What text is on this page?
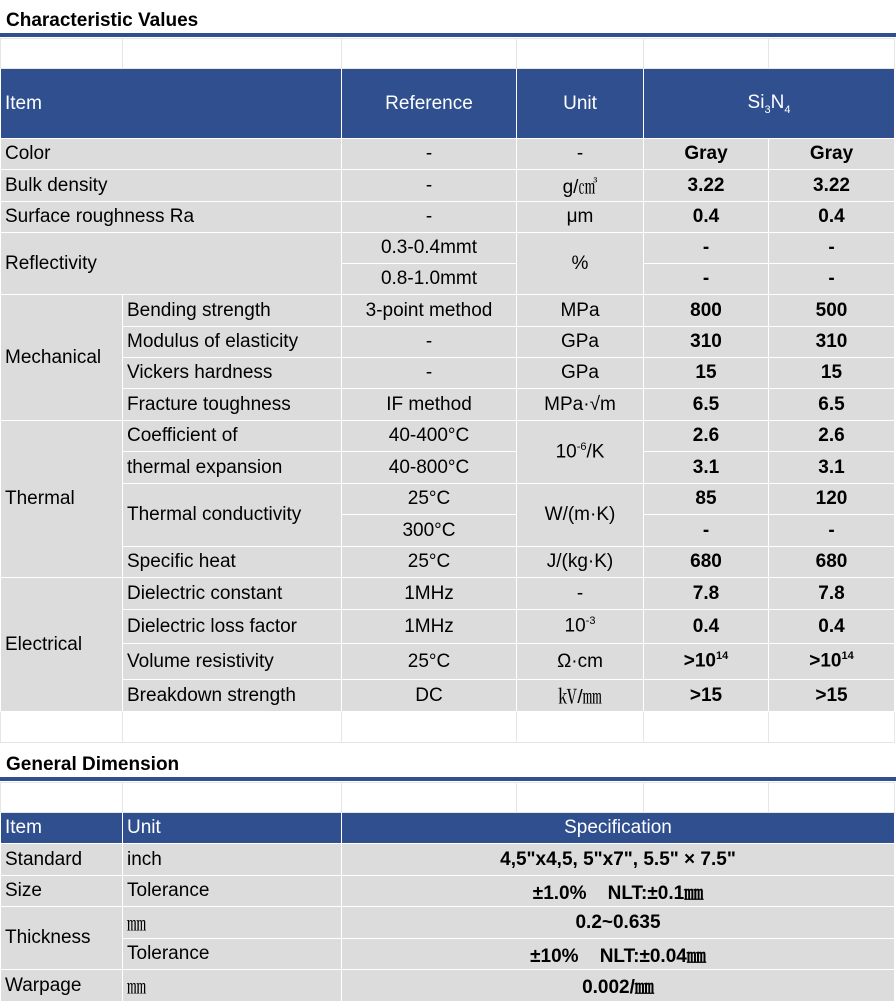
Characteristic Values

Item		Reference	Unit	$Si_3N_4$
Color		-	-	Gray	Gray
Bulk density		-	g/㎤	3.22	3.22
Surface roughness Ra		-	μm	0.4	0.4
Reflectivity		0.3-0.4mmt	%	-	-
		0.8-1.0mmt		-	-
Mechanical	Bending strength	3-point method	MPa	800	500
	Modulus of elasticity	-	GPa	310	310
	Vickers hardness	-	GPa	15	15
	Fracture toughness	IF method	MPa·√m	6.5	6.5
Thermal	Coefficient of	40-400°C	$10^{-6}/K$	2.6	2.6
	thermal expansion	40-800°C		3.1	3.1
	Thermal conductivity	25°C	W/(m·K)	85	120
		300°C		-	-
	Specific heat	25°C	J/(kg·K)	680	680
Electrical	Dielectric constant	1MHz	-	7.8	7.8
	Dielectric loss factor	1MHz	$10^{-3}$	0.4	0.4
	Volume resistivity	25°C	Ω·cm	$>10^{14}$	$>10^{14}$
	Breakdown strength	DC	㎸/㎜	>15	>15

General Dimension

Item	Unit	Specification			
Standard	inch	4,5"x4,5, 5"x7", 5.5" × 7.5"			
Size	Tolerance	±1.0%    NLT:±0.1㎜			
Thickness	㎜	0.2~0.635			
	Tolerance	±10%    NLT:±0.04㎜			
Warpage	㎜	0.002/㎜			
